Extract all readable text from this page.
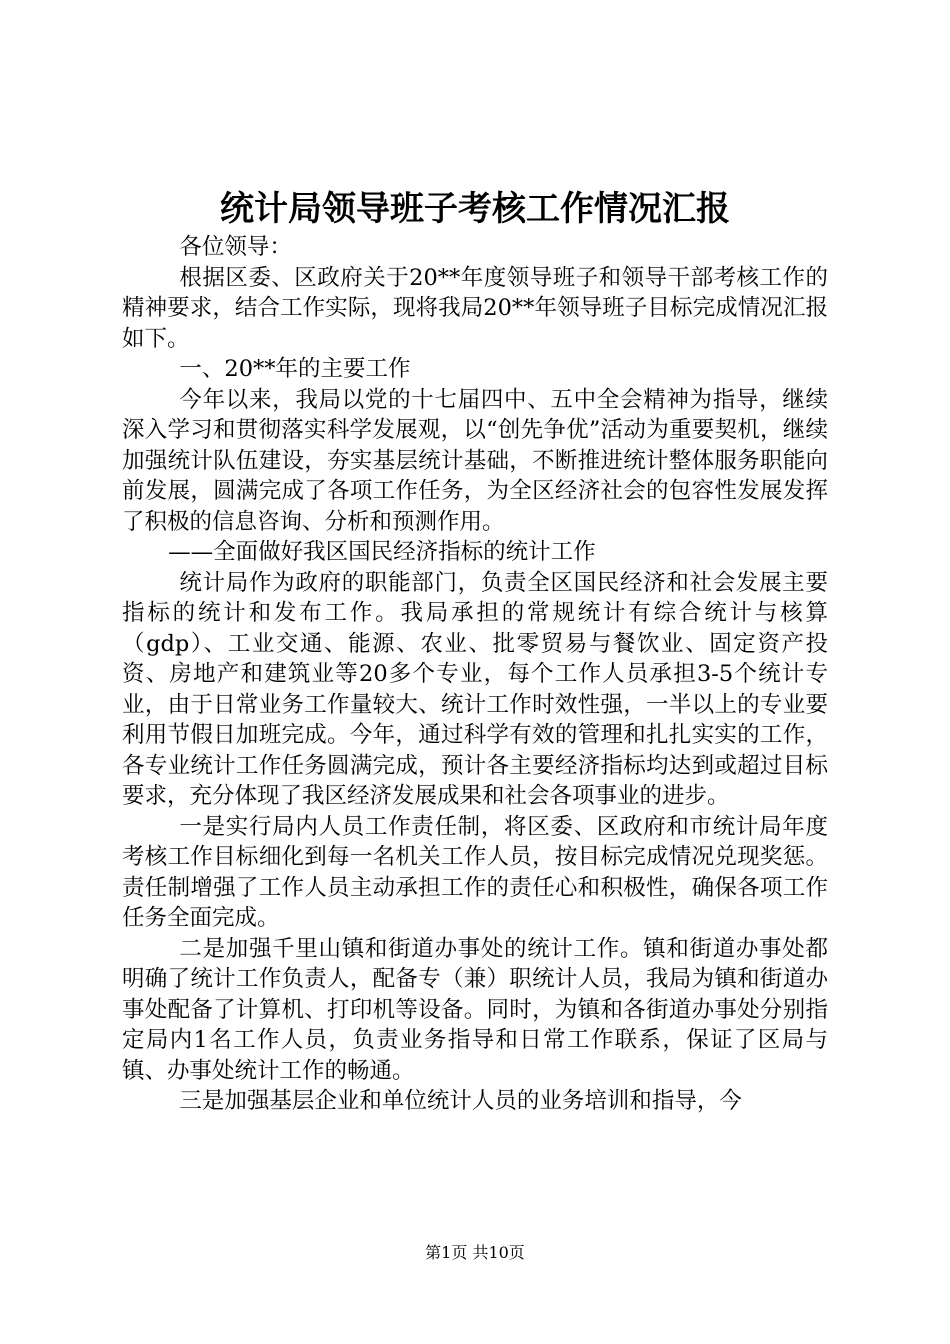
统计局领导班子考核工作情况汇报

各位领导：

根据区委、区政府关于20**年度领导班子和领导干部考核工作的精神要求，结合工作实际，现将我局20**年领导班子目标完成情况汇报如下。

一、20**年的主要工作

今年以来，我局以党的十七届四中、五中全会精神为指导，继续深入学习和贯彻落实科学发展观，以“创先争优”活动为重要契机，继续加强统计队伍建设，夯实基层统计基础，不断推进统计整体服务职能向前发展，圆满完成了各项工作任务，为全区经济社会的包容性发展发挥了积极的信息咨询、分析和预测作用。

——全面做好我区国民经济指标的统计工作

统计局作为政府的职能部门，负责全区国民经济和社会发展主要指标的统计和发布工作。我局承担的常规统计有综合统计与核算（gdp）、工业交通、能源、农业、批零贸易与餐饮业、固定资产投资、房地产和建筑业等20多个专业，每个工作人员承担3-5个统计专业，由于日常业务工作量较大、统计工作时效性强，一半以上的专业要利用节假日加班完成。今年，通过科学有效的管理和扎扎实实的工作，各专业统计工作任务圆满完成，预计各主要经济指标均达到或超过目标要求，充分体现了我区经济发展成果和社会各项事业的进步。

一是实行局内人员工作责任制，将区委、区政府和市统计局年度考核工作目标细化到每一名机关工作人员，按目标完成情况兑现奖惩。责任制增强了工作人员主动承担工作的责任心和积极性，确保各项工作任务全面完成。

二是加强千里山镇和街道办事处的统计工作。镇和街道办事处都明确了统计工作负责人，配备专（兼）职统计人员，我局为镇和街道办事处配备了计算机、打印机等设备。同时，为镇和各街道办事处分别指定局内1名工作人员，负责业务指导和日常工作联系，保证了区局与镇、办事处统计工作的畅通。

三是加强基层企业和单位统计人员的业务培训和指导，今

第1页 共10页
